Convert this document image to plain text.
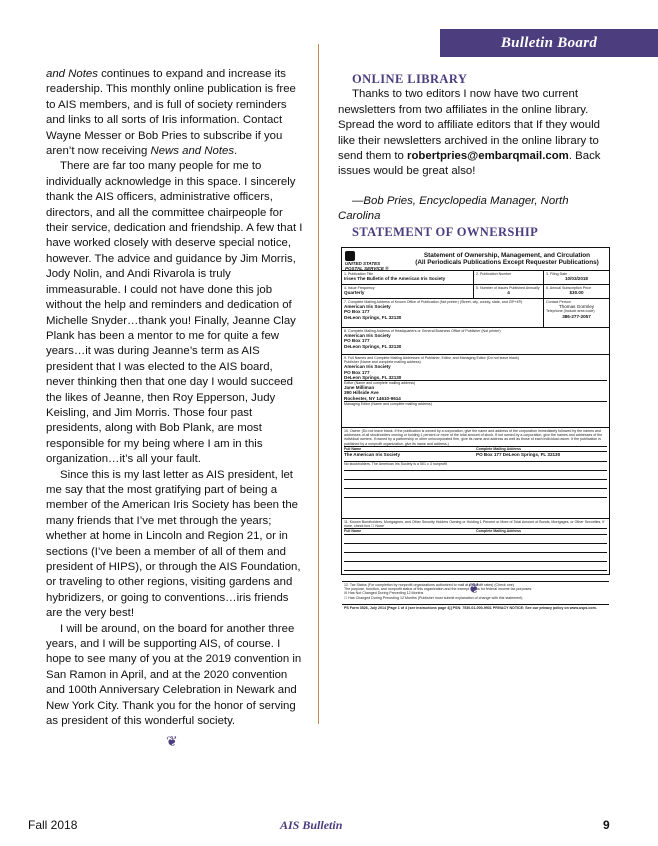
Bulletin Board

and Notes continues to expand and increase its readership. This monthly online publication is free to AIS members, and is full of society reminders and links to all sorts of Iris information. Contact Wayne Messer or Bob Pries to subscribe if you aren’t now receiving News and Notes.

There are far too many people for me to individually acknowledge in this space. I sincerely thank the AIS officers, administrative officers, directors, and all the committee chairpeople for their service, dedication and friendship. A few that I have worked closely with deserve special notice, however. The advice and guidance by Jim Morris, Jody Nolin, and Andi Rivarola is truly immeasurable. I could not have done this job without the help and reminders and dedication of Michelle Snyder…thank you! Finally, Jeanne Clay Plank has been a mentor to me for quite a few years…it was during Jeanne’s term as AIS president that I was elected to the AIS board, never thinking then that one day I would succeed the likes of Jeanne, then Roy Epperson, Judy Keisling, and Jim Morris. Those four past presidents, along with Bob Plank, are most responsible for my being where I am in this organization…it’s all your fault.

Since this is my last letter as AIS president, let me say that the most gratifying part of being a member of the American Iris Society has been the many friends that I’ve met through the years; whether at home in Lincoln and Region 21, or in sections (I’ve been a member of all of them and president of HIPS), or through the AIS Foundation, or traveling to other regions, visiting gardens and hybridizers, or going to conventions…iris friends are the very best!

I will be around, on the board for another three years, and I will be supporting AIS, of course. I hope to see many of you at the 2019 convention in San Ramon in April, and at the 2020 convention and 100th Anniversary Celebration in Newark and New York City. Thank you for the honor of serving as president of this wonderful society.

❦

ONLINE LIBRARY

Thanks to two editors I now have two current newsletters from two affiliates in the online library. Spread the word to affiliate editors that If they would like their newsletters archived in the online library to send them to robertpries@embarqmail.com. Back issues would be great also!

—Bob Pries, Encyclopedia Manager, North Carolina

STATEMENT OF OWNERSHIP

UNITED STATES
POSTAL SERVICE ®
Statement of Ownership, Management, and Circulation
(All Periodicals Publications Except Requester Publications)
1. Publication Title
Irises The Bulletin of the American Iris Society
2. Publication Number	3. Filing Date
10/03/2018
4. Issue Frequency
Quarterly
5. Number of Issues Published Annually
4
6. Annual Subscription Price
$30.00
7. Complete Mailing Address of Known Office of Publication (Not printer) (Street, city, county, state, and ZIP+4®)
American Iris Society
PO Box 177
DeLeon Springs, FL 32130
Contact Person
Thomas Gormley
Telephone (Include area code)
386-277-2057
8. Complete Mailing Address of Headquarters or General Business Office of Publisher (Not printer)
American Iris Society
PO Box 177
DeLeon Springs, FL 32130
9. Full Names and Complete Mailing Addresses of Publisher, Editor, and Managing Editor (Do not leave blank)
Publisher (Name and complete mailing address)
American Iris Society
PO Box 177
DeLeon Springs, FL 32130
Editor (Name and complete mailing address)
Jane Milliman
390 Hillside Ave
Rochester, NY 14610-9614
Managing Editor (Name and complete mailing address)
10. Owner (Do not leave blank. If the publication is owned by a corporation, give the name and address of the corporation immediately followed by the names and addresses of all stockholders owning or holding 1 percent or more of the total amount of stock. If not owned by a corporation, give the names and addresses of the individual owners. If owned by a partnership or other unincorporated firm, give its name and address as well as those of each individual owner. If the publication is published by a nonprofit organization, give its name and address.)
Full Name	Complete Mailing Address
The American Iris Society	PO Box 177 DeLeon Springs, FL 32130
No stockholders. The American Iris Society is a 501 c 3 nonprofit
11. Known Bondholders, Mortgagees, and Other Security Holders Owning or Holding 1 Percent or More of Total Amount of Bonds, Mortgages, or Other Securities. If none, check box ☐ None
Full Name	Complete Mailing Address
12. Tax Status (For completion by nonprofit organizations authorized to mail at nonprofit rates) (Check one)
The purpose, function, and nonprofit status of this organization and the exempt status for federal income tax purposes:
☒ Has Not Changed During Preceding 12 Months
☐ Has Changed During Preceding 12 Months (Publisher must submit explanation of change with this statement)
PS Form 3526, July 2014 [Page 1 of 4 (see instructions page 4)] PSN: 7530-01-000-9931 PRIVACY NOTICE: See our privacy policy on www.usps.com.
❦
Fall 2018	AIS Bulletin	9
